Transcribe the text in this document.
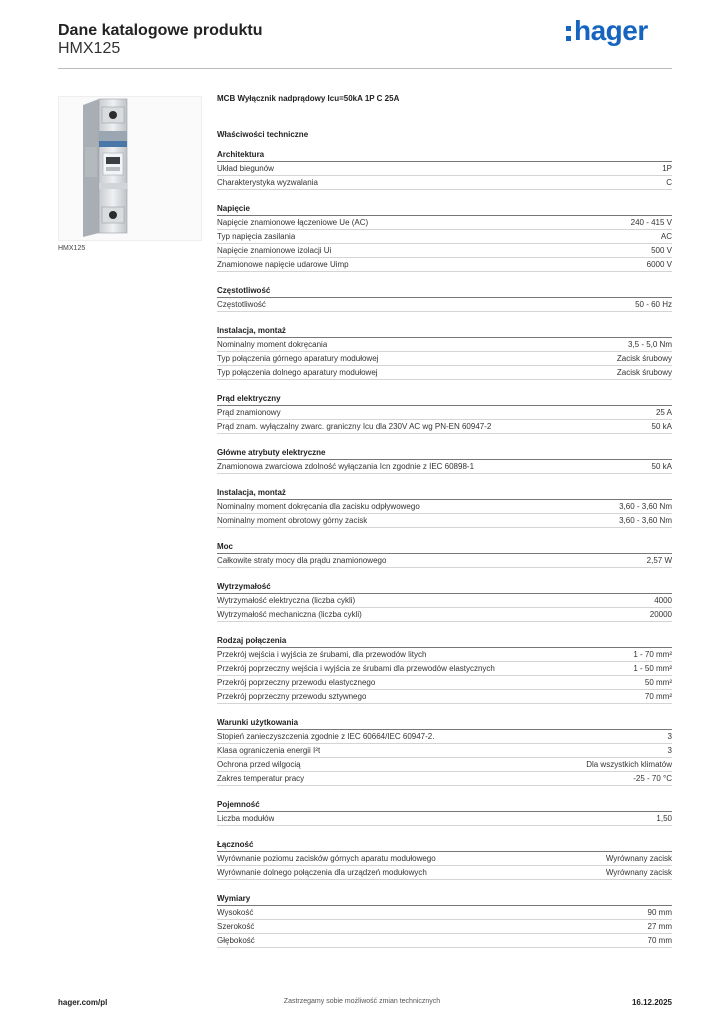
Dane katalogowe produktu
HMX125
hager
HMX125
MCB Wyłącznik nadprądowy Icu=50kA 1P C 25A
Właściwości techniczne
Architektura
Układ biegunów	1P
Charakterystyka wyzwalania	C
Napięcie
Napięcie znamionowe łączeniowe Ue (AC)	240 - 415 V
Typ napięcia zasilania	AC
Napięcie znamionowe izolacji Ui	500 V
Znamionowe napięcie udarowe Uimp	6000 V
Częstotliwość
Częstotliwość	50 - 60 Hz
Instalacja, montaż
Nominalny moment dokręcania	3,5 - 5,0 Nm
Typ połączenia górnego aparatury modułowej	Zacisk śrubowy
Typ połączenia dolnego aparatury modułowej	Zacisk śrubowy
Prąd elektryczny
Prąd znamionowy	25 A
Prąd znam. wyłączalny zwarc. graniczny Icu dla 230V AC wg PN-EN 60947-2	50 kA
Główne atrybuty elektryczne
Znamionowa zwarciowa zdolność wyłączania Icn zgodnie z IEC 60898-1	50 kA
Instalacja, montaż
Nominalny moment dokręcania dla zacisku odpływowego	3,60 - 3,60 Nm
Nominalny moment obrotowy górny zacisk	3,60 - 3,60 Nm
Moc
Całkowite straty mocy dla prądu znamionowego	2,57 W
Wytrzymałość
Wytrzymałość elektryczna (liczba cykli)	4000
Wytrzymałość mechaniczna (liczba cykli)	20000
Rodzaj połączenia
Przekrój wejścia i wyjścia ze śrubami, dla przewodów litych	1 - 70 mm²
Przekrój poprzeczny wejścia i wyjścia ze śrubami dla przewodów elastycznych	1 - 50 mm²
Przekrój poprzeczny przewodu elastycznego	50 mm²
Przekrój poprzeczny przewodu sztywnego	70 mm²
Warunki użytkowania
Stopień zanieczyszczenia zgodnie z IEC 60664/IEC 60947-2.	3
Klasa ograniczenia energii I²t	3
Ochrona przed wilgocią	Dla wszystkich klimatów
Zakres temperatur pracy	-25 - 70 °C
Pojemność
Liczba modułów	1,50
Łączność
Wyrównanie poziomu zacisków górnych aparatu modułowego	Wyrównany zacisk
Wyrównanie dolnego połączenia dla urządzeń modułowych	Wyrównany zacisk
Wymiary
Wysokość	90 mm
Szerokość	27 mm
Głębokość	70 mm
hager.com/pl	Zastrzegamy sobie możliwość zmian technicznych	16.12.2025
